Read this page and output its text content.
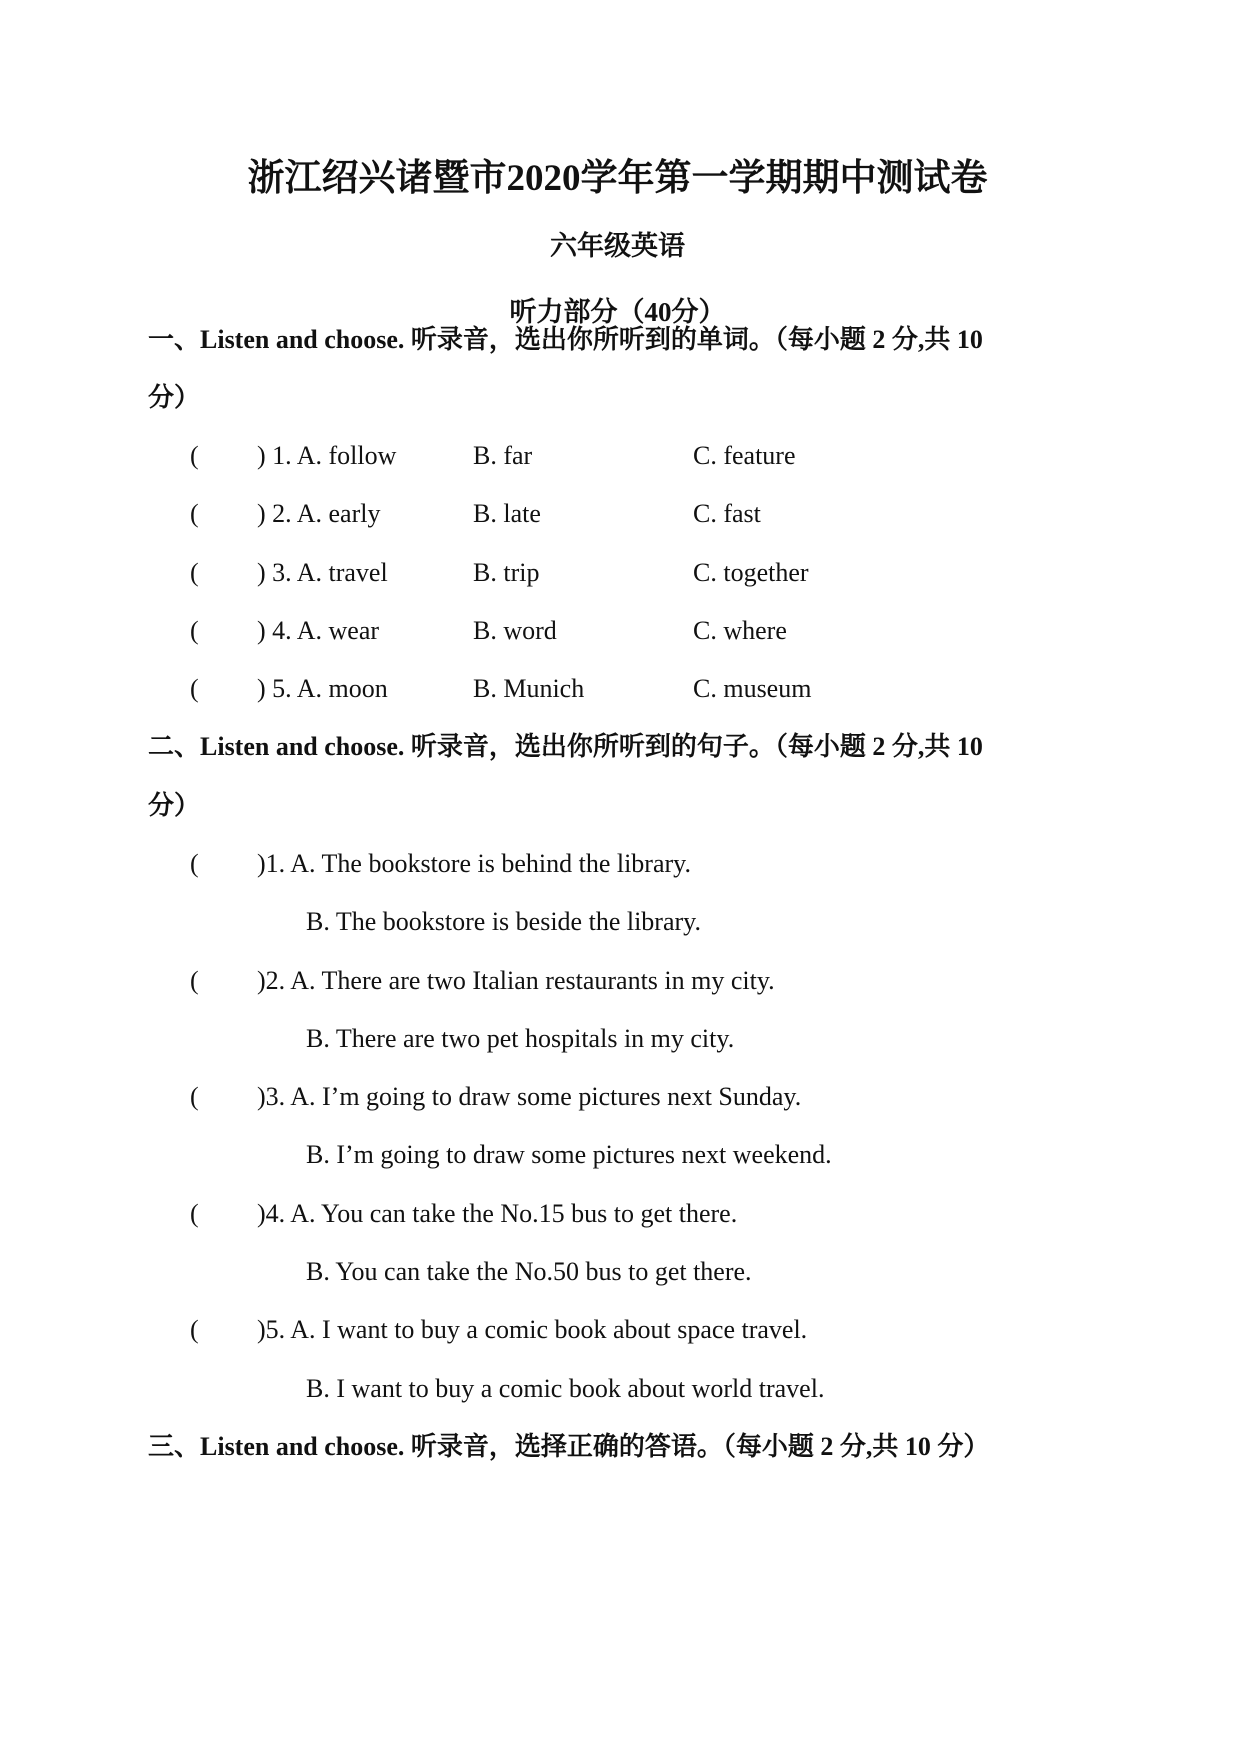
浙江绍兴诸暨市2020学年第一学期期中测试卷
六年级英语
听力部分（40分）
一、Listen and choose. 听录音，选出你所听到的单词。（每小题 2 分,共 10
分）
( ) 1. A. follow	B. far	C. feature
( ) 2. A. early	B. late	C. fast
( ) 3. A. travel	B. trip	C. together
( ) 4. A. wear	B. word	C. where
( ) 5. A. moon	B. Munich	C. museum
二、Listen and choose. 听录音，选出你所听到的句子。（每小题 2 分,共 10
分）
( )1. A. The bookstore is behind the library.
B. The bookstore is beside the library.
( )2. A. There are two Italian restaurants in my city.
B. There are two pet hospitals in my city.
( )3. A. I’m going to draw some pictures next Sunday.
B. I’m going to draw some pictures next weekend.
( )4. A. You can take the No.15 bus to get there.
B. You can take the No.50 bus to get there.
( )5. A. I want to buy a comic book about space travel.
B. I want to buy a comic book about world travel.
三、Listen and choose. 听录音，选择正确的答语。（每小题 2 分,共 10 分）
